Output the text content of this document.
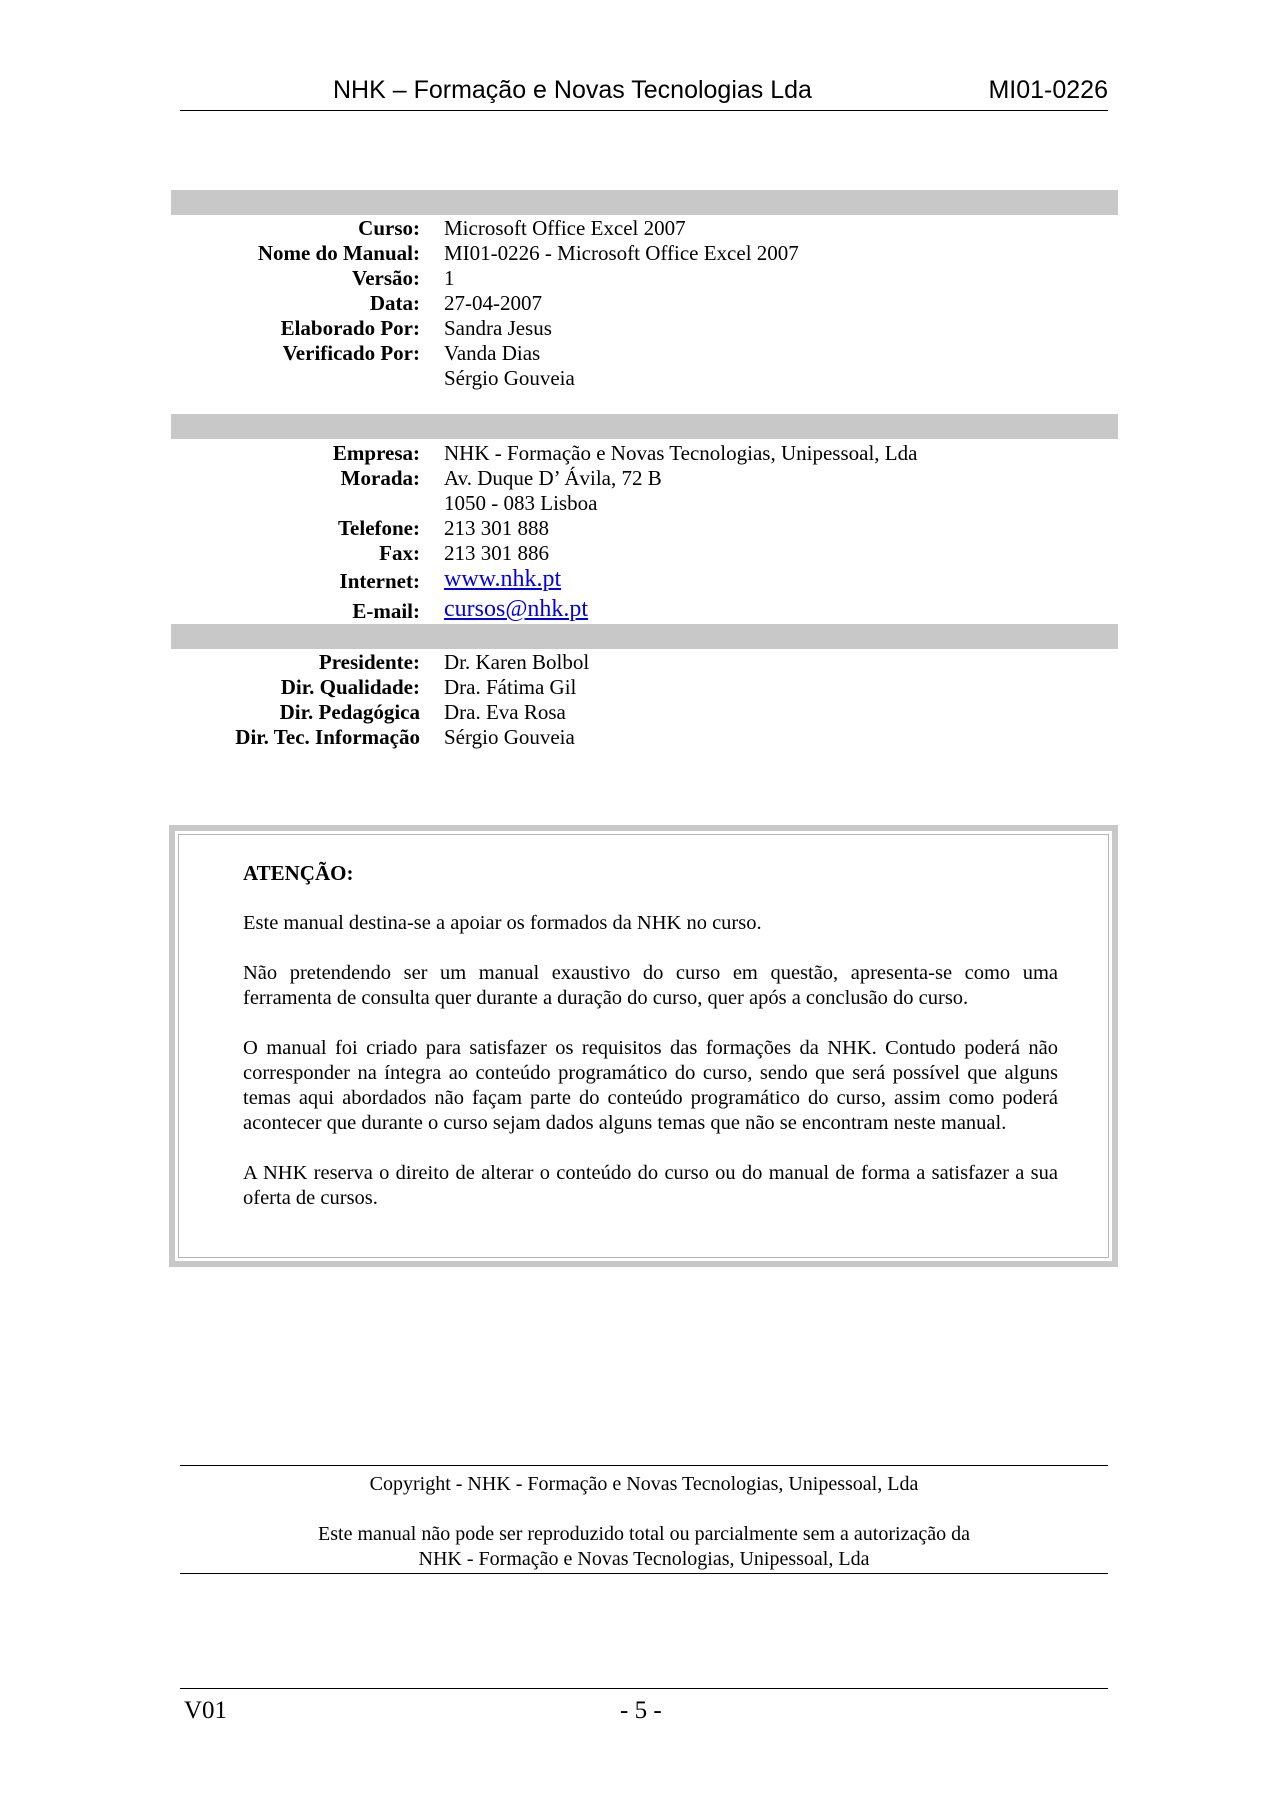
NHK – Formação e Novas Tecnologias Lda	MI01-0226
Curso: Microsoft Office Excel 2007
Nome do Manual: MI01-0226 - Microsoft Office Excel 2007
Versão: 1
Data: 27-04-2007
Elaborado Por: Sandra Jesus
Verificado Por: Vanda Dias
Sérgio Gouveia
Empresa: NHK - Formação e Novas Tecnologias, Unipessoal, Lda
Morada: Av. Duque D’ Ávila, 72 B
1050 - 083 Lisboa
Telefone: 213 301 888
Fax: 213 301 886
Internet: www.nhk.pt
E-mail: cursos@nhk.pt
Presidente: Dr. Karen Bolbol
Dir. Qualidade: Dra. Fátima Gil
Dir. Pedagógica Dra. Eva Rosa
Dir. Tec. Informação Sérgio Gouveia
ATENÇÃO:

Este manual destina-se a apoiar os formados da NHK no curso.

Não pretendendo ser um manual exaustivo do curso em questão, apresenta-se como uma ferramenta de consulta quer durante a duração do curso, quer após a conclusão do curso.

O manual foi criado para satisfazer os requisitos das formações da NHK. Contudo poderá não corresponder na íntegra ao conteúdo programático do curso, sendo que será possível que alguns temas aqui abordados não façam parte do conteúdo programático do curso, assim como poderá acontecer que durante o curso sejam dados alguns temas que não se encontram neste manual.

A NHK reserva o direito de alterar o conteúdo do curso ou do manual de forma a satisfazer a sua oferta de cursos.

Copyright - NHK - Formação e Novas Tecnologias, Unipessoal, Lda
Este manual não pode ser reproduzido total ou parcialmente sem a autorização da
NHK - Formação e Novas Tecnologias, Unipessoal, Lda
V01	- 5 -
